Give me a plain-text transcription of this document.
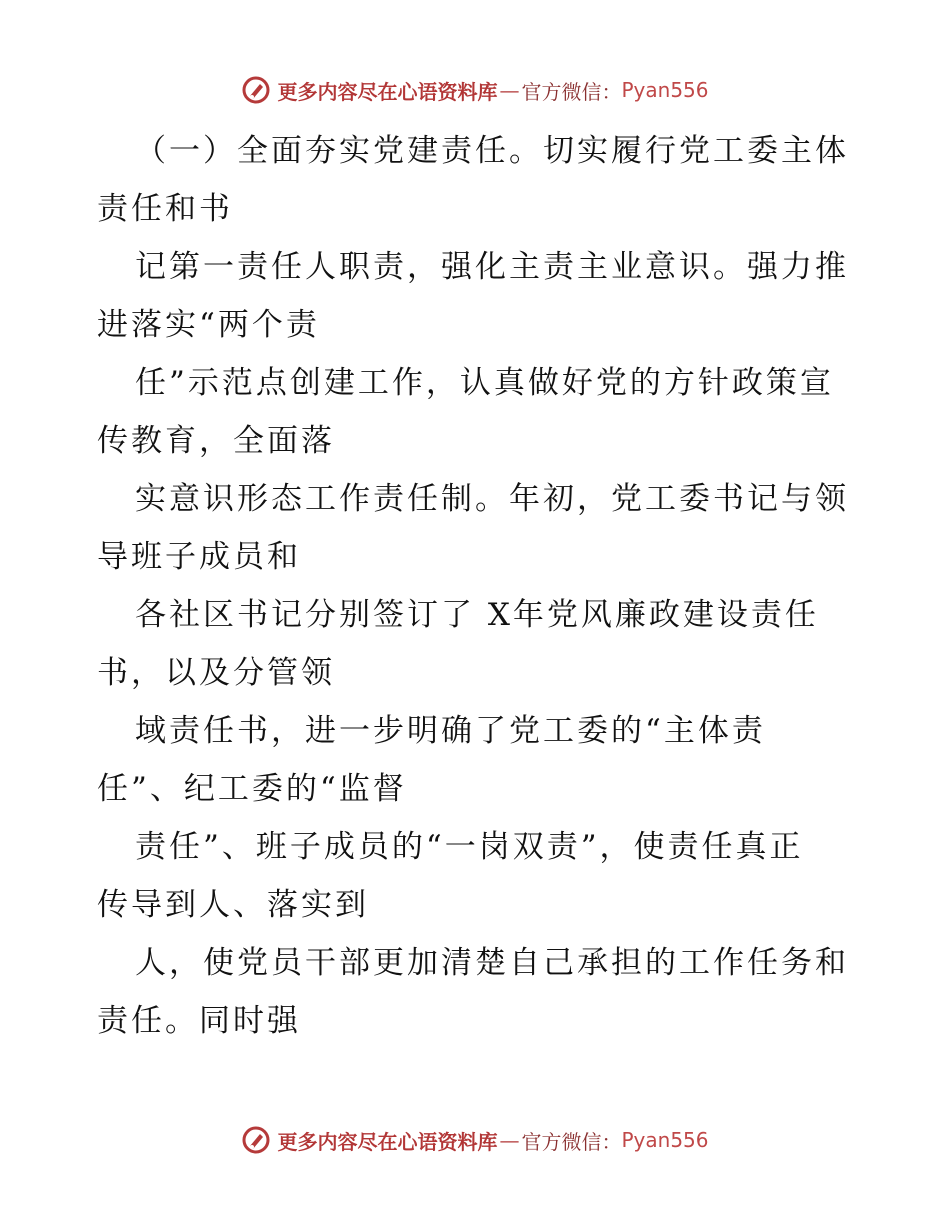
更多内容尽在心语资料库 — 官方微信： Pyan556
（一）全面夯实党建责任。切实履行党工委主体
责任和书
记第一责任人职责，强化主责主业意识。强力推
进落实“两个责
任”示范点创建工作，认真做好党的方针政策宣
传教育，全面落
实意识形态工作责任制。年初，党工委书记与领
导班子成员和
各社区书记分别签订了 X年党风廉政建设责任
书，以及分管领
域责任书，进一步明确了党工委的“主体责
任”、纪工委的“监督
责任”、班子成员的“一岗双责”，使责任真正
传导到人、落实到
人，使党员干部更加清楚自己承担的工作任务和
责任。同时强
更多内容尽在心语资料库 — 官方微信： Pyan556
